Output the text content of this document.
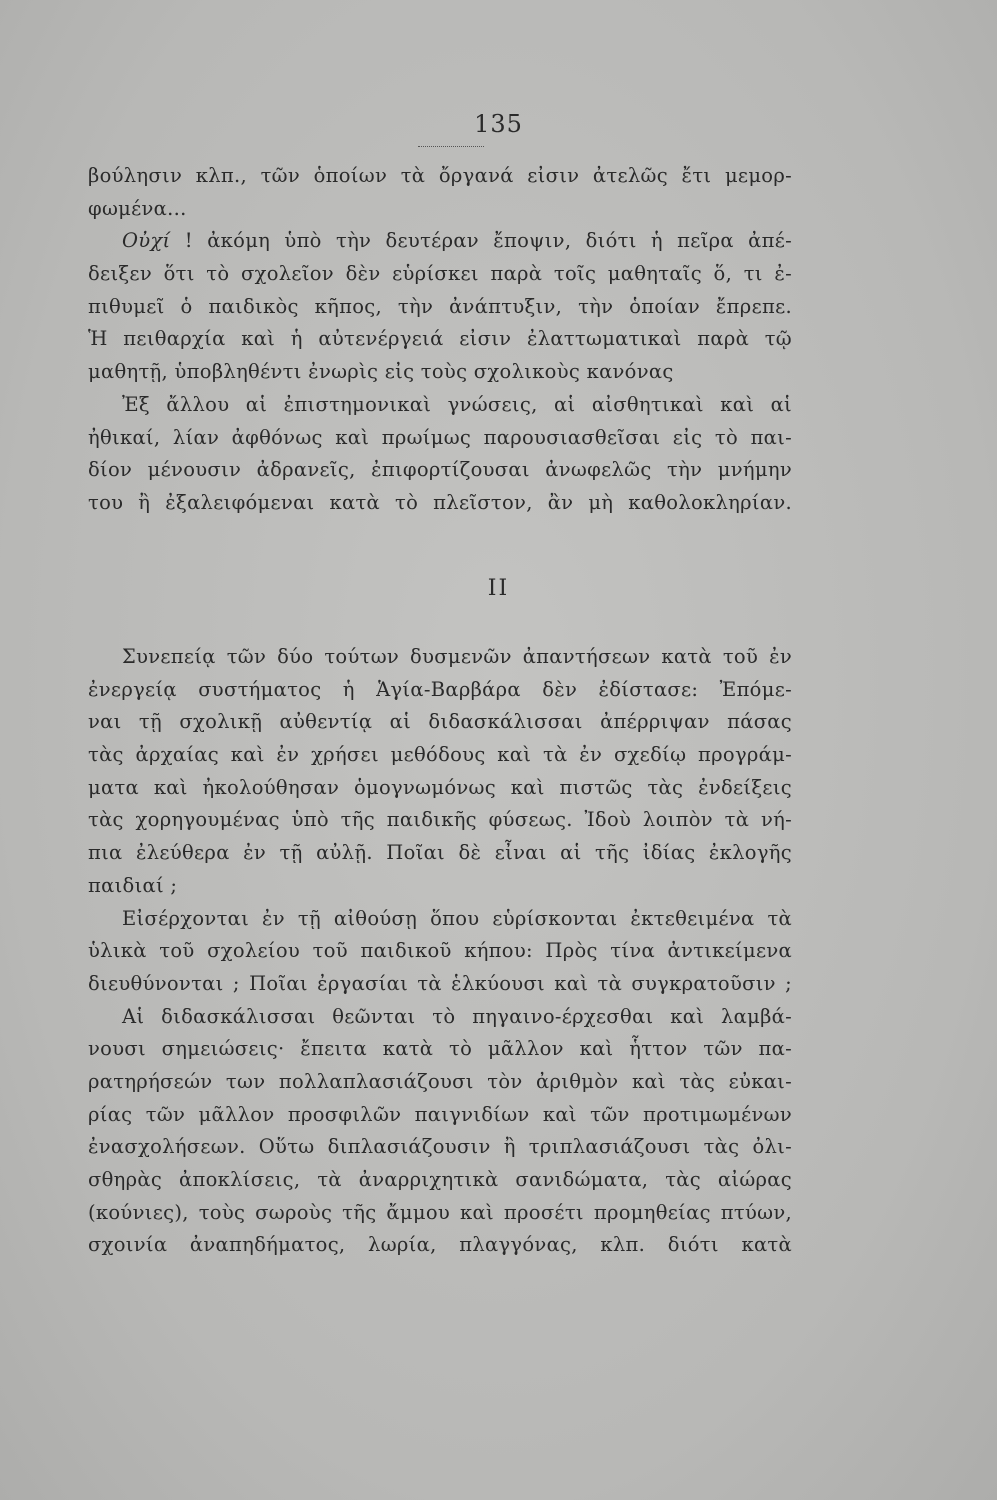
135
βούλησιν κλπ., τῶν ὁποίων τὰ ὄργανά εἰσιν ἀτελῶς ἔτι μεμορ-
φωμένα...
Οὐχί ! ἀκόμη ὑπὸ τὴν δευτέραν ἔποψιν, διότι ἡ πεῖρα ἀπέ-
δειξεν ὅτι τὸ σχολεῖον δὲν εὑρίσκει παρὰ τοῖς μαθηταῖς ὅ, τι ἐ-
πιθυμεῖ ὁ παιδικὸς κῆπος, τὴν ἀνάπτυξιν, τὴν ὁποίαν ἔπρεπε.
Ἡ πειθαρχία καὶ ἡ αὐτενέργειά εἰσιν ἐλαττωματικαὶ παρὰ τῷ
μαθητῇ, ὑποβληθέντι ἐνωρὶς εἰς τοὺς σχολικοὺς κανόνας
Ἐξ ἄλλου αἱ ἐπιστημονικαὶ γνώσεις, αἱ αἰσθητικαὶ καὶ αἱ
ἠθικαί, λίαν ἀφθόνως καὶ πρωίμως παρουσιασθεῖσαι εἰς τὸ παι-
δίον μένουσιν ἀδρανεῖς, ἐπιφορτίζουσαι ἀνωφελῶς τὴν μνήμην
του ἢ ἐξαλειφόμεναι κατὰ τὸ πλεῖστον, ἂν μὴ καθολοκληρίαν.
II
Συνεπείᾳ τῶν δύο τούτων δυσμενῶν ἀπαντήσεων κατὰ τοῦ ἐν
ἐνεργείᾳ συστήματος ἡ Ἁγία-Βαρβάρα δὲν ἐδίστασε: Ἐπόμε-
ναι τῇ σχολικῇ αὐθεντίᾳ αἱ διδασκάλισσαι ἀπέρριψαν πάσας
τὰς ἀρχαίας καὶ ἐν χρήσει μεθόδους καὶ τὰ ἐν σχεδίῳ προγράμ-
ματα καὶ ἠκολούθησαν ὁμογνωμόνως καὶ πιστῶς τὰς ἐνδείξεις
τὰς χορηγουμένας ὑπὸ τῆς παιδικῆς φύσεως. Ἰδοὺ λοιπὸν τὰ νή-
πια ἐλεύθερα ἐν τῇ αὐλῇ. Ποῖαι δὲ εἶναι αἱ τῆς ἰδίας ἐκλογῆς
παιδιαί ;
Εἰσέρχονται ἐν τῇ αἰθούσῃ ὅπου εὑρίσκονται ἐκτεθειμένα τὰ
ὑλικὰ τοῦ σχολείου τοῦ παιδικοῦ κήπου: Πρὸς τίνα ἀντικείμενα
διευθύνονται ; Ποῖαι ἐργασίαι τὰ ἑλκύουσι καὶ τὰ συγκρατοῦσιν ;
Αἱ διδασκάλισσαι θεῶνται τὸ πηγαινο-έρχεσθαι καὶ λαμβά-
νουσι σημειώσεις· ἔπειτα κατὰ τὸ μᾶλλον καὶ ἧττον τῶν πα-
ρατηρήσεών των πολλαπλασιάζουσι τὸν ἀριθμὸν καὶ τὰς εὐκαι-
ρίας τῶν μᾶλλον προσφιλῶν παιγνιδίων καὶ τῶν προτιμωμένων
ἐνασχολήσεων. Οὕτω διπλασιάζουσιν ἢ τριπλασιάζουσι τὰς ὀλι-
σθηρὰς ἀποκλίσεις, τὰ ἀναρριχητικὰ σανιδώματα, τὰς αἰώρας
(κούνιες), τοὺς σωροὺς τῆς ἄμμου καὶ προσέτι προμηθείας πτύων,
σχοινία ἀναπηδήματος, λωρία, πλαγγόνας, κλπ. διότι κατὰ
